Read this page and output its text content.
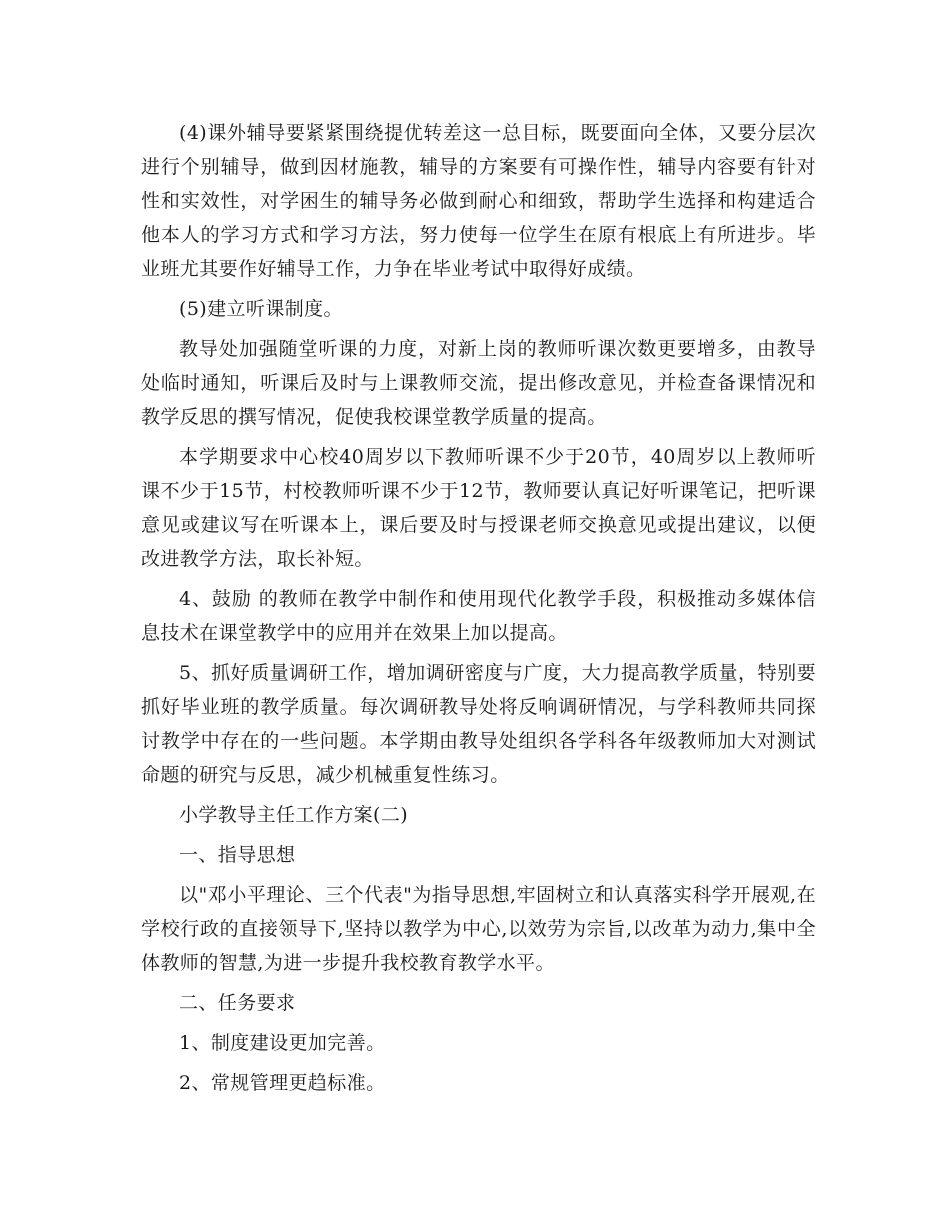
(4)课外辅导要紧紧围绕提优转差这一总目标，既要面向全体，又要分层次进行个别辅导，做到因材施教，辅导的方案要有可操作性，辅导内容要有针对性和实效性，对学困生的辅导务必做到耐心和细致，帮助学生选择和构建适合他本人的学习方式和学习方法，努力使每一位学生在原有根底上有所进步。毕业班尤其要作好辅导工作，力争在毕业考试中取得好成绩。

(5)建立听课制度。

教导处加强随堂听课的力度，对新上岗的教师听课次数更要增多，由教导处临时通知，听课后及时与上课教师交流，提出修改意见，并检查备课情况和教学反思的撰写情况，促使我校课堂教学质量的提高。

本学期要求中心校40周岁以下教师听课不少于20节，40周岁以上教师听课不少于15节，村校教师听课不少于12节，教师要认真记好听课笔记，把听课意见或建议写在听课本上，课后要及时与授课老师交换意见或提出建议，以便改进教学方法，取长补短。

4、鼓励 的教师在教学中制作和使用现代化教学手段，积极推动多媒体信息技术在课堂教学中的应用并在效果上加以提高。

5、抓好质量调研工作，增加调研密度与广度，大力提高教学质量，特别要抓好毕业班的教学质量。每次调研教导处将反响调研情况，与学科教师共同探讨教学中存在的一些问题。本学期由教导处组织各学科各年级教师加大对测试命题的研究与反思，减少机械重复性练习。

小学教导主任工作方案(二)

一、指导思想

以"邓小平理论、三个代表"为指导思想,牢固树立和认真落实科学开展观,在学校行政的直接领导下,坚持以教学为中心,以效劳为宗旨,以改革为动力,集中全体教师的智慧,为进一步提升我校教育教学水平。

二、任务要求

1、制度建设更加完善。

2、常规管理更趋标准。
